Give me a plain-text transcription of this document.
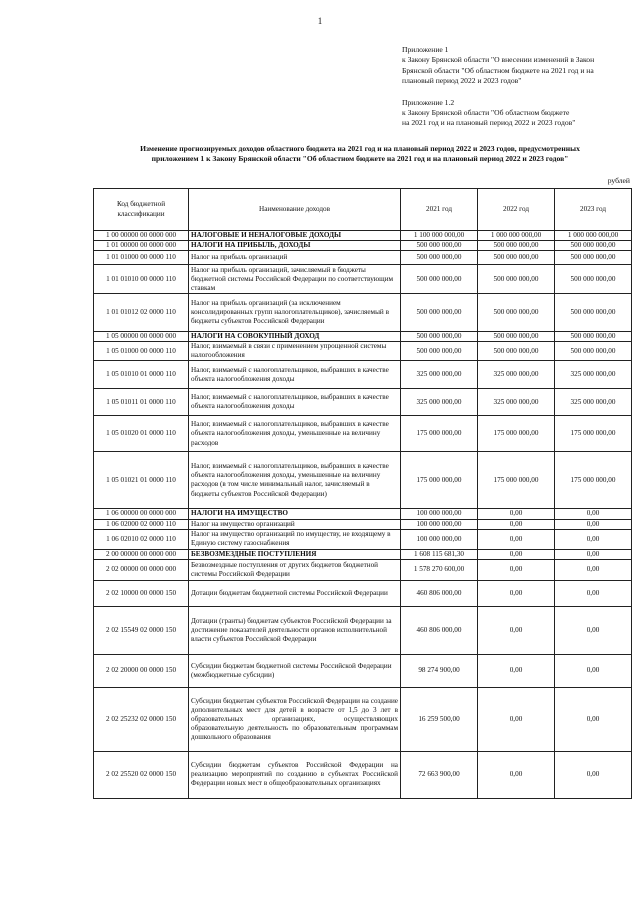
1

Приложение 1

к Закону Брянской области "О внесении изменений в Закон

Брянской области "Об областном бюджете на 2021 год и на

плановый период 2022 и 2023 годов"

Приложение 1.2

к Закону Брянской области "Об областном бюджете

на 2021 год и на плановый период 2022 и 2023 годов"

Изменение прогнозируемых доходов областного бюджета на 2021 год и на плановый период 2022 и 2023 годов, предусмотренных

приложением 1 к Закону Брянской области "Об областном бюджете на 2021 год и на плановый период 2022 и 2023 годов"

рублей
Код бюджетной классификации	Наименование доходов	2021 год	2022 год	2023 год
1 00 00000 00 0000 000	НАЛОГОВЫЕ И НЕНАЛОГОВЫЕ ДОХОДЫ	1 100 000 000,00	1 000 000 000,00	1 000 000 000,00
1 01 00000 00 0000 000	НАЛОГИ НА ПРИБЫЛЬ, ДОХОДЫ	500 000 000,00	500 000 000,00	500 000 000,00
1 01 01000 00 0000 110	Налог на прибыль организаций	500 000 000,00	500 000 000,00	500 000 000,00
1 01 01010 00 0000 110	Налог на прибыль организаций, зачисляемый в бюджеты бюджетной системы Российской Федерации по соответствующим ставкам	500 000 000,00	500 000 000,00	500 000 000,00
1 01 01012 02 0000 110	Налог на прибыль организаций (за исключением консолидированных групп налогоплательщиков), зачисляемый в бюджеты субъектов Российской Федерации	500 000 000,00	500 000 000,00	500 000 000,00
1 05 00000 00 0000 000	НАЛОГИ НА СОВОКУПНЫЙ ДОХОД	500 000 000,00	500 000 000,00	500 000 000,00
1 05 01000 00 0000 110	Налог, взимаемый в связи с применением упрощенной системы налогообложения	500 000 000,00	500 000 000,00	500 000 000,00
1 05 01010 01 0000 110	Налог, взимаемый с налогоплательщиков, выбравших в качестве объекта налогообложения доходы	325 000 000,00	325 000 000,00	325 000 000,00
1 05 01011 01 0000 110	Налог, взимаемый с налогоплательщиков, выбравших в качестве объекта налогообложения доходы	325 000 000,00	325 000 000,00	325 000 000,00
1 05 01020 01 0000 110	Налог, взимаемый с налогоплательщиков, выбравших в качестве объекта налогообложения доходы, уменьшенные на величину расходов	175 000 000,00	175 000 000,00	175 000 000,00
1 05 01021 01 0000 110	Налог, взимаемый с налогоплательщиков, выбравших в качестве объекта налогообложения доходы, уменьшенные на величину расходов (в том числе минимальный налог, зачисляемый в бюджеты субъектов Российской Федерации)	175 000 000,00	175 000 000,00	175 000 000,00
1 06 00000 00 0000 000	НАЛОГИ НА ИМУЩЕСТВО	100 000 000,00	0,00	0,00
1 06 02000 02 0000 110	Налог на имущество организаций	100 000 000,00	0,00	0,00
1 06 02010 02 0000 110	Налог на имущество организаций по имуществу, не входящему в Единую систему газоснабжения	100 000 000,00	0,00	0,00
2 00 00000 00 0000 000	БЕЗВОЗМЕЗДНЫЕ ПОСТУПЛЕНИЯ	1 608 115 681,30	0,00	0,00
2 02 00000 00 0000 000	Безвозмездные поступления от других бюджетов бюджетной системы Российской Федерации	1 578 270 600,00	0,00	0,00
2 02 10000 00 0000 150	Дотации бюджетам бюджетной системы Российской Федерации	460 806 000,00	0,00	0,00
2 02 15549 02 0000 150	Дотации (гранты) бюджетам субъектов Российской Федерации за достижение показателей деятельности органов исполнительной власти субъектов Российской Федерации	460 806 000,00	0,00	0,00
2 02 20000 00 0000 150	Субсидии бюджетам бюджетной системы Российской Федерации (межбюджетные субсидии)	98 274 900,00	0,00	0,00
2 02 25232 02 0000 150	Субсидии бюджетам субъектов Российской Федерации на создание дополнительных мест для детей в возрасте от 1,5 до 3 лет в образовательных организациях, осуществляющих образовательную деятельность по образовательным программам дошкольного образования	16 259 500,00	0,00	0,00
2 02 25520 02 0000 150	Субсидии бюджетам субъектов Российской Федерации на реализацию мероприятий по созданию в субъектах Российской Федерации новых мест в общеобразовательных организациях	72 663 900,00	0,00	0,00
